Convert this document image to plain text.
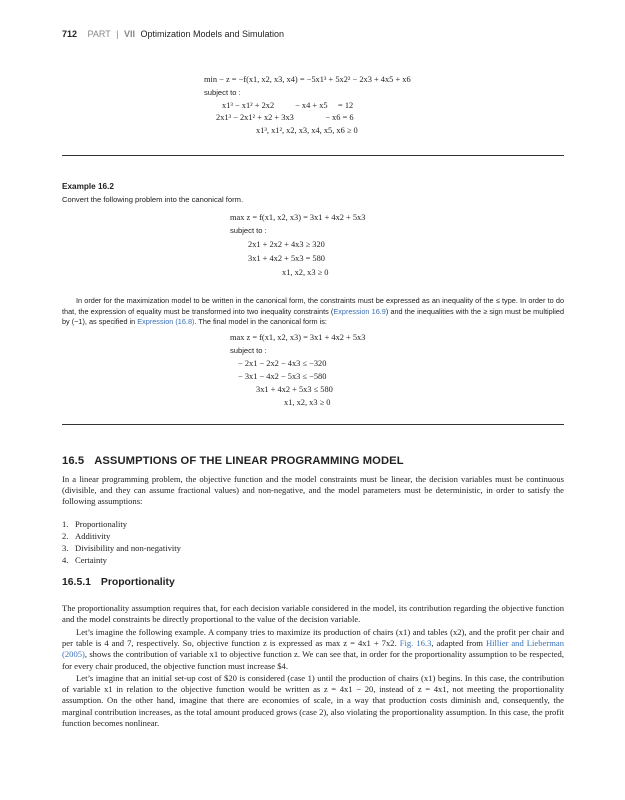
712 PART | VII Optimization Models and Simulation
min − z = −f(x1, x2, x3, x4) = −5x1³ + 5x2² − 2x3 + 4x5 + x6
subject to :
x1³ − x1² + 2x2          − x4 + x5     = 12
2x1³ − 2x1² + x2 + 3x3               − x6 = 6
x1³, x1², x2, x3, x4, x5, x6 ≥ 0
Example 16.2
Convert the following problem into the canonical form.
max z = f(x1, x2, x3) = 3x1 + 4x2 + 5x3
subject to :
2x1 + 2x2 + 4x3 ≥ 320
3x1 + 4x2 + 5x3 = 580
x1, x2, x3 ≥ 0
In order for the maximization model to be written in the canonical form, the constraints must be expressed as an inequality of the ≤ type. In order to do that, the expression of equality must be transformed into two inequality constraints (Expression 16.9) and the inequalities with the ≥ sign must be multiplied by (−1), as specified in Expression (16.8). The final model in the canonical form is:
max z = f(x1, x2, x3) = 3x1 + 4x2 + 5x3
subject to :
− 2x1 − 2x2 − 4x3 ≤ −320
− 3x1 − 4x2 − 5x3 ≤ −580
3x1 + 4x2 + 5x3 ≤ 580
x1, x2, x3 ≥ 0
16.5 ASSUMPTIONS OF THE LINEAR PROGRAMMING MODEL
In a linear programming problem, the objective function and the model constraints must be linear, the decision variables must be continuous (divisible, and they can assume fractional values) and non-negative, and the model parameters must be deterministic, in order to satisfy the following assumptions:
1. Proportionality
2. Additivity
3. Divisibility and non-negativity
4. Certainty
16.5.1 Proportionality
The proportionality assumption requires that, for each decision variable considered in the model, its contribution regarding the objective function and the model constraints be directly proportional to the value of the decision variable.
Let’s imagine the following example. A company tries to maximize its production of chairs (x1) and tables (x2), and the profit per chair and per table is 4 and 7, respectively. So, objective function z is expressed as max z = 4x1 + 7x2. Fig. 16.3, adapted from Hillier and Lieberman (2005), shows the contribution of variable x1 to objective function z. We can see that, in order for the proportionality assumption to be respected, for every chair produced, the objective function must increase $4.
Let’s imagine that an initial set-up cost of $20 is considered (case 1) until the production of chairs (x1) begins. In this case, the contribution of variable x1 in relation to the objective function would be written as z = 4x1 − 20, instead of z = 4x1, not meeting the proportionality assumption. On the other hand, imagine that there are economies of scale, in a way that production costs diminish and, consequently, the marginal contribution increases, as the total amount produced grows (case 2), also violating the proportionality assumption. In this case, the profit function becomes nonlinear.
